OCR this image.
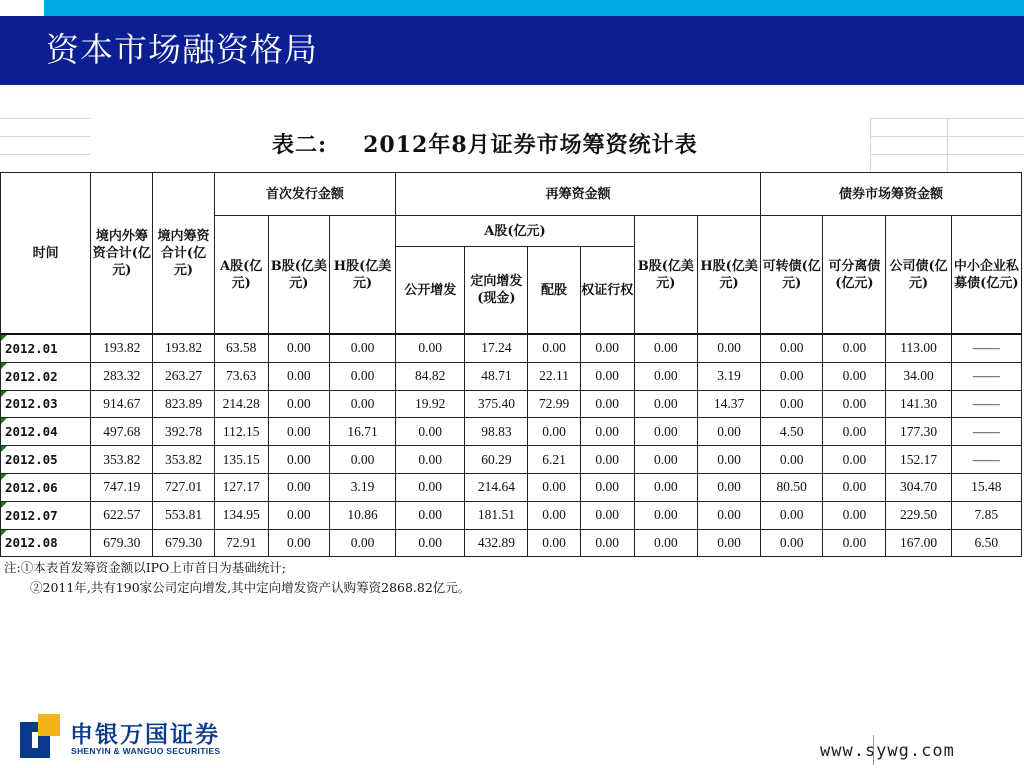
资本市场融资格局
表二: 2012年8月证券市场筹资统计表
时间	境内外筹资合计(亿元)	境内筹资合计(亿元)	首次发行金额			再筹资金额						债券市场筹资金额			
			A股(亿元)	B股(亿美元)	H股(亿美元)	A股(亿元)				B股(亿美元)	H股(亿美元)	可转债(亿元)	可分离债(亿元)	公司债(亿元)	中小企业私募债(亿元)
						公开增发	定向增发(现金)	配股	权证行权						
2012.01	193.82	193.82	63.58	0.00	0.00	0.00	17.24	0.00	0.00	0.00	0.00	0.00	0.00	113.00	——
2012.02	283.32	263.27	73.63	0.00	0.00	84.82	48.71	22.11	0.00	0.00	3.19	0.00	0.00	34.00	——
2012.03	914.67	823.89	214.28	0.00	0.00	19.92	375.40	72.99	0.00	0.00	14.37	0.00	0.00	141.30	——
2012.04	497.68	392.78	112.15	0.00	16.71	0.00	98.83	0.00	0.00	0.00	0.00	4.50	0.00	177.30	——
2012.05	353.82	353.82	135.15	0.00	0.00	0.00	60.29	6.21	0.00	0.00	0.00	0.00	0.00	152.17	——
2012.06	747.19	727.01	127.17	0.00	3.19	0.00	214.64	0.00	0.00	0.00	0.00	80.50	0.00	304.70	15.48
2012.07	622.57	553.81	134.95	0.00	10.86	0.00	181.51	0.00	0.00	0.00	0.00	0.00	0.00	229.50	7.85
2012.08	679.30	679.30	72.91	0.00	0.00	0.00	432.89	0.00	0.00	0.00	0.00	0.00	0.00	167.00	6.50
注:①本表首发筹资金额以IPO上市首日为基础统计;
②2011年,共有190家公司定向增发,其中定向增发资产认购筹资2868.82亿元。
申银万国证券
SHENYIN & WANGUO SECURITIES	www.sywg.com
